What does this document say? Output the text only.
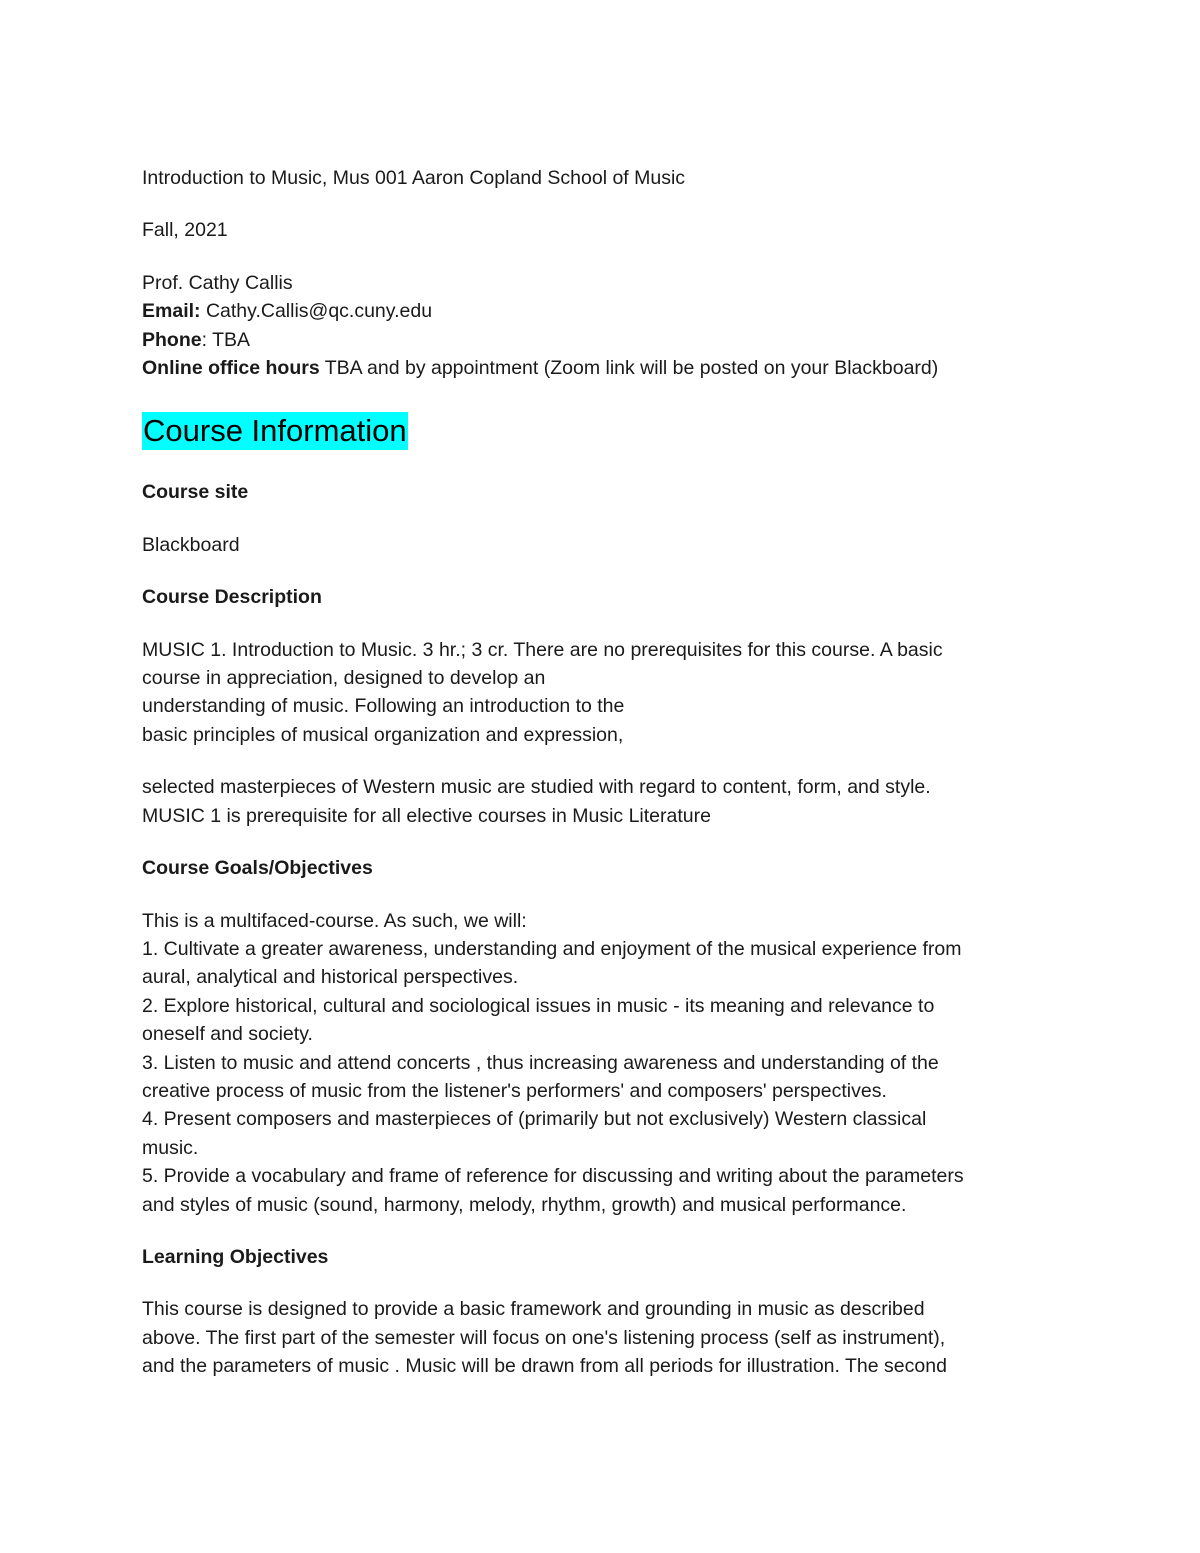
Introduction to Music, Mus 001 Aaron Copland School of Music
Fall, 2021
Prof. Cathy Callis
Email: Cathy.Callis@qc.cuny.edu
Phone: TBA
Online office hours TBA and by appointment (Zoom link will be posted on your Blackboard)
Course Information
Course site
Blackboard
Course Description
MUSIC 1. Introduction to Music. 3 hr.; 3 cr. There are no prerequisites for this course. A basic
course in appreciation, designed to develop an
understanding of music. Following an introduction to the
basic principles of musical organization and expression,
selected masterpieces of Western music are studied with regard to content, form, and style.
MUSIC 1 is prerequisite for all elective courses in Music Literature
Course Goals/Objectives
This is a multifaced-course. As such, we will:
1. Cultivate a greater awareness, understanding and enjoyment of the musical experience from
aural, analytical and historical perspectives.
2. Explore historical, cultural and sociological issues in music - its meaning and relevance to
oneself and society.
3. Listen to music and attend concerts , thus increasing awareness and understanding of the
creative process of music from the listener's performers' and composers' perspectives.
4. Present composers and masterpieces of (primarily but not exclusively) Western classical
music.
5. Provide a vocabulary and frame of reference for discussing and writing about the parameters
and styles of music (sound, harmony, melody, rhythm, growth) and musical performance.
Learning Objectives
This course is designed to provide a basic framework and grounding in music as described
above. The first part of the semester will focus on one's listening process (self as instrument),
and the parameters of music . Music will be drawn from all periods for illustration. The second
